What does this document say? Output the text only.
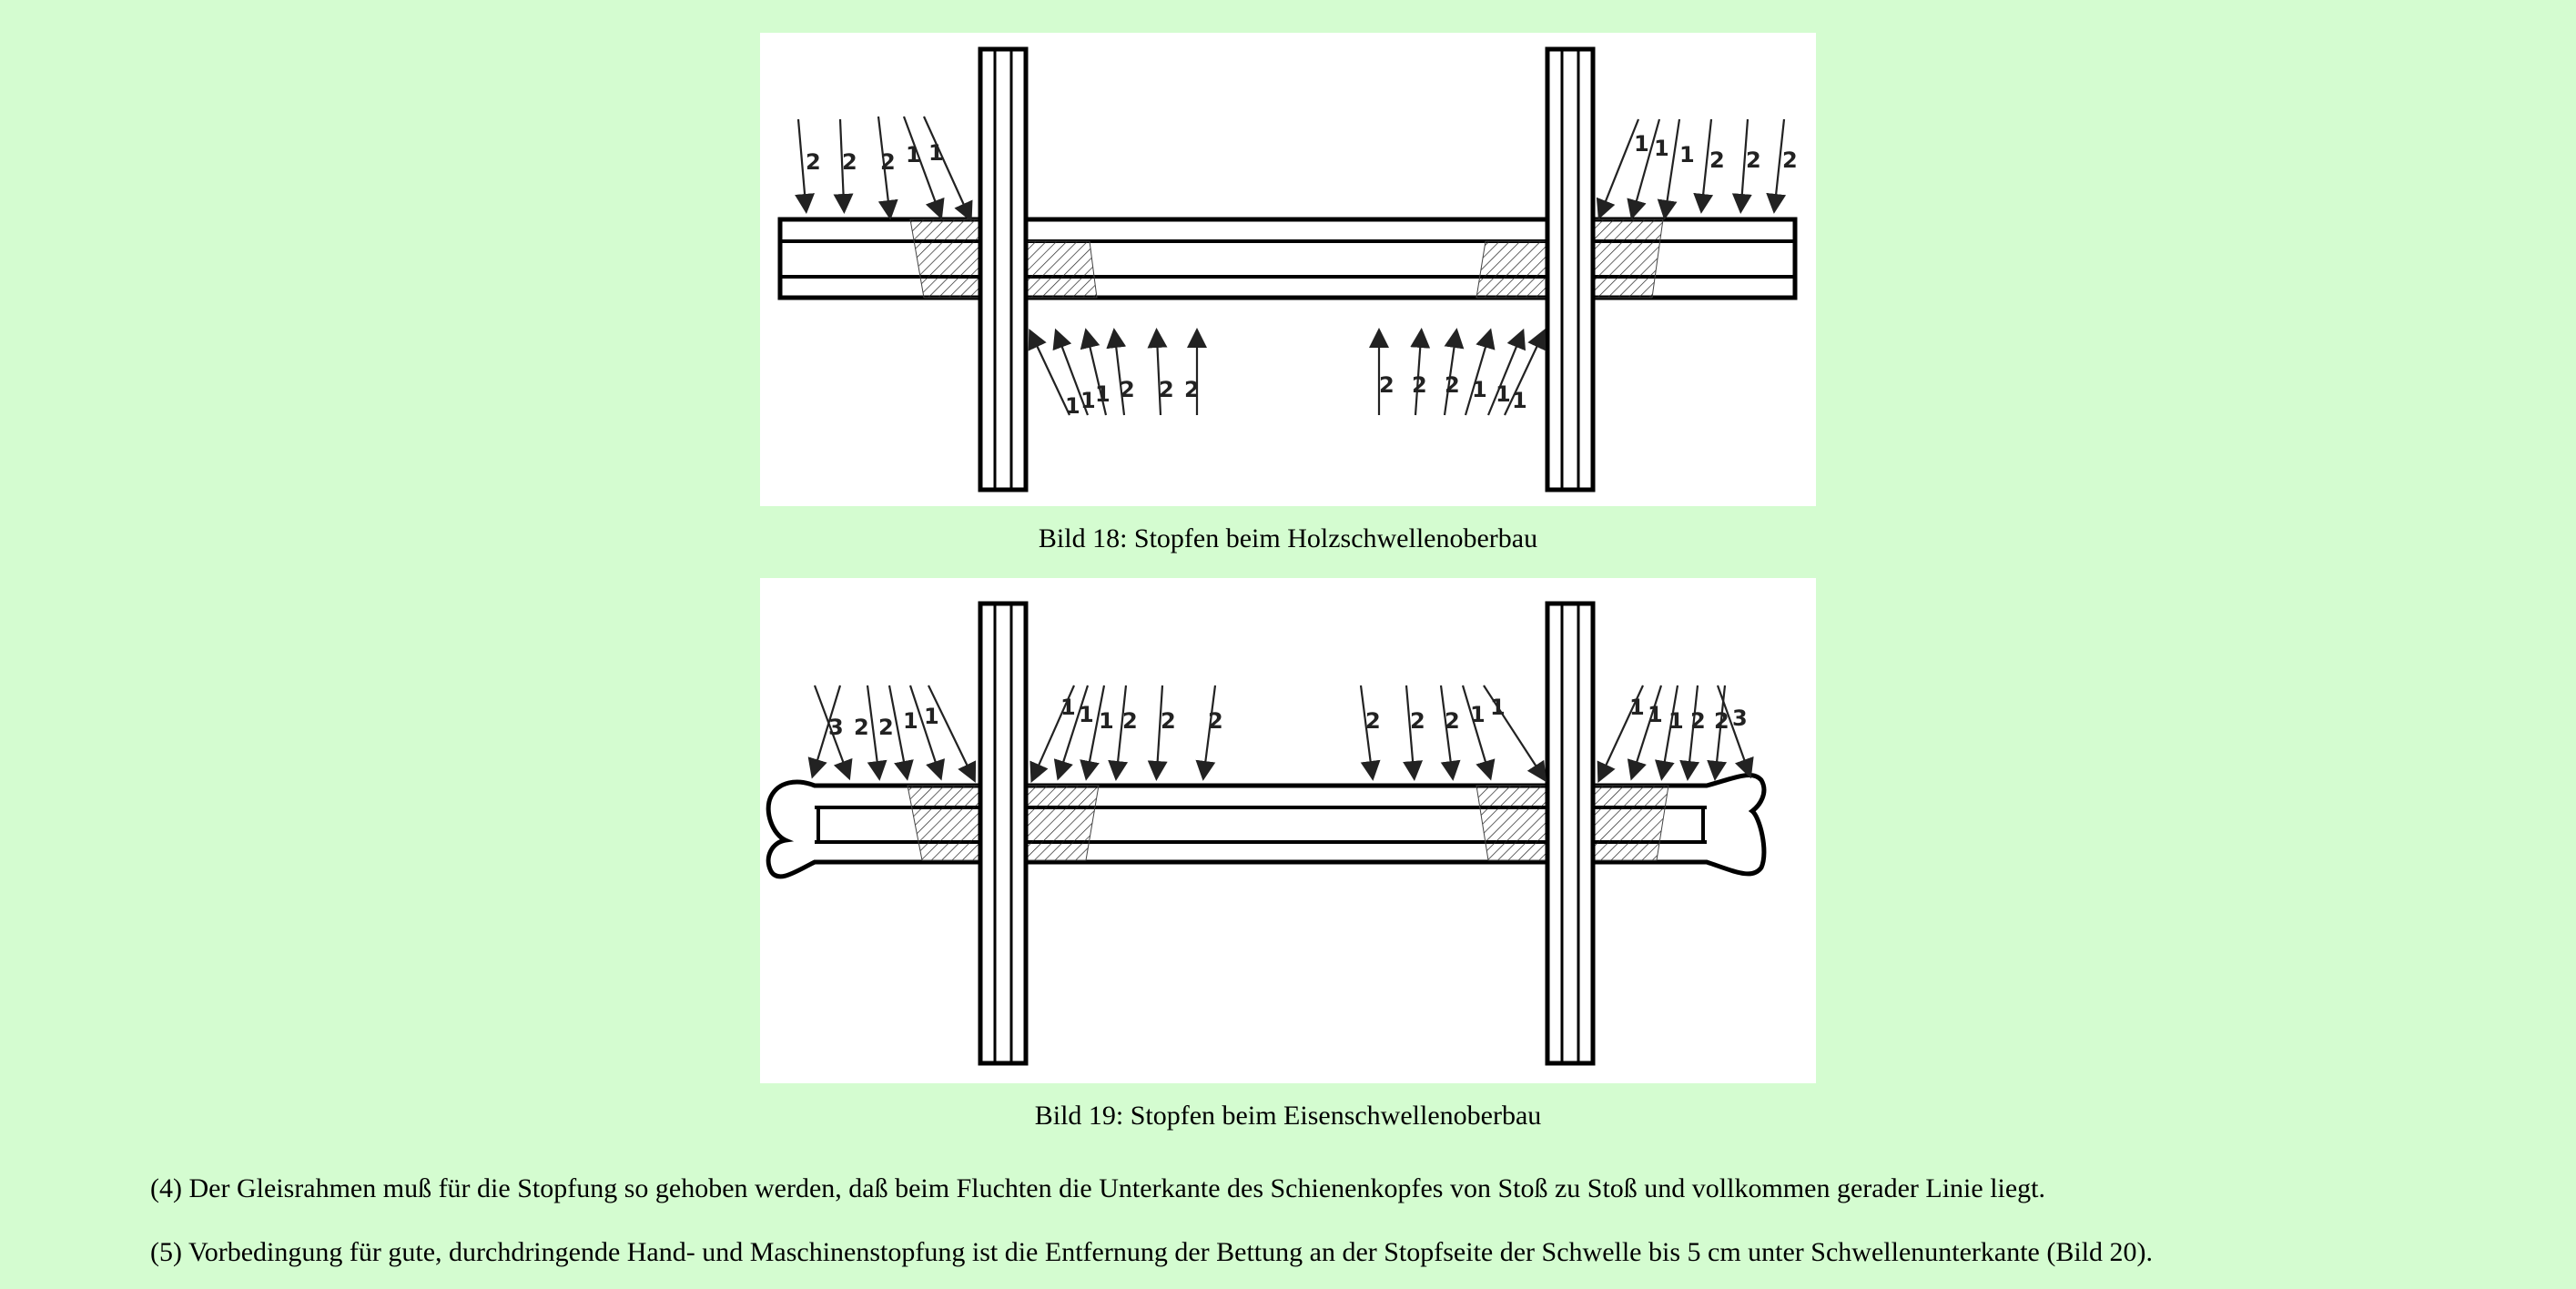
2 2 2 1 1
1 1 1 2 2 2	2 2 2 1 1 1
1 1 1 2 2 2
Bild 18: Stopfen beim Holzschwellenoberbau
3 2 2 1 1	1 1 1 2 2 2	2 2 2 1 1	1 1 1 2 2 3
Bild 19: Stopfen beim Eisenschwellenoberbau

(4) Der Gleisrahmen muß für die Stopfung so gehoben werden, daß beim Fluchten die Unterkante des Schienenkopfes von Stoß zu Stoß und vollkommen gerader Linie liegt.

(5) Vorbedingung für gute, durchdringende Hand- und Maschinenstopfung ist die Entfernung der Bettung an der Stopfseite der Schwelle bis 5 cm unter Schwellenunterkante (Bild 20).
